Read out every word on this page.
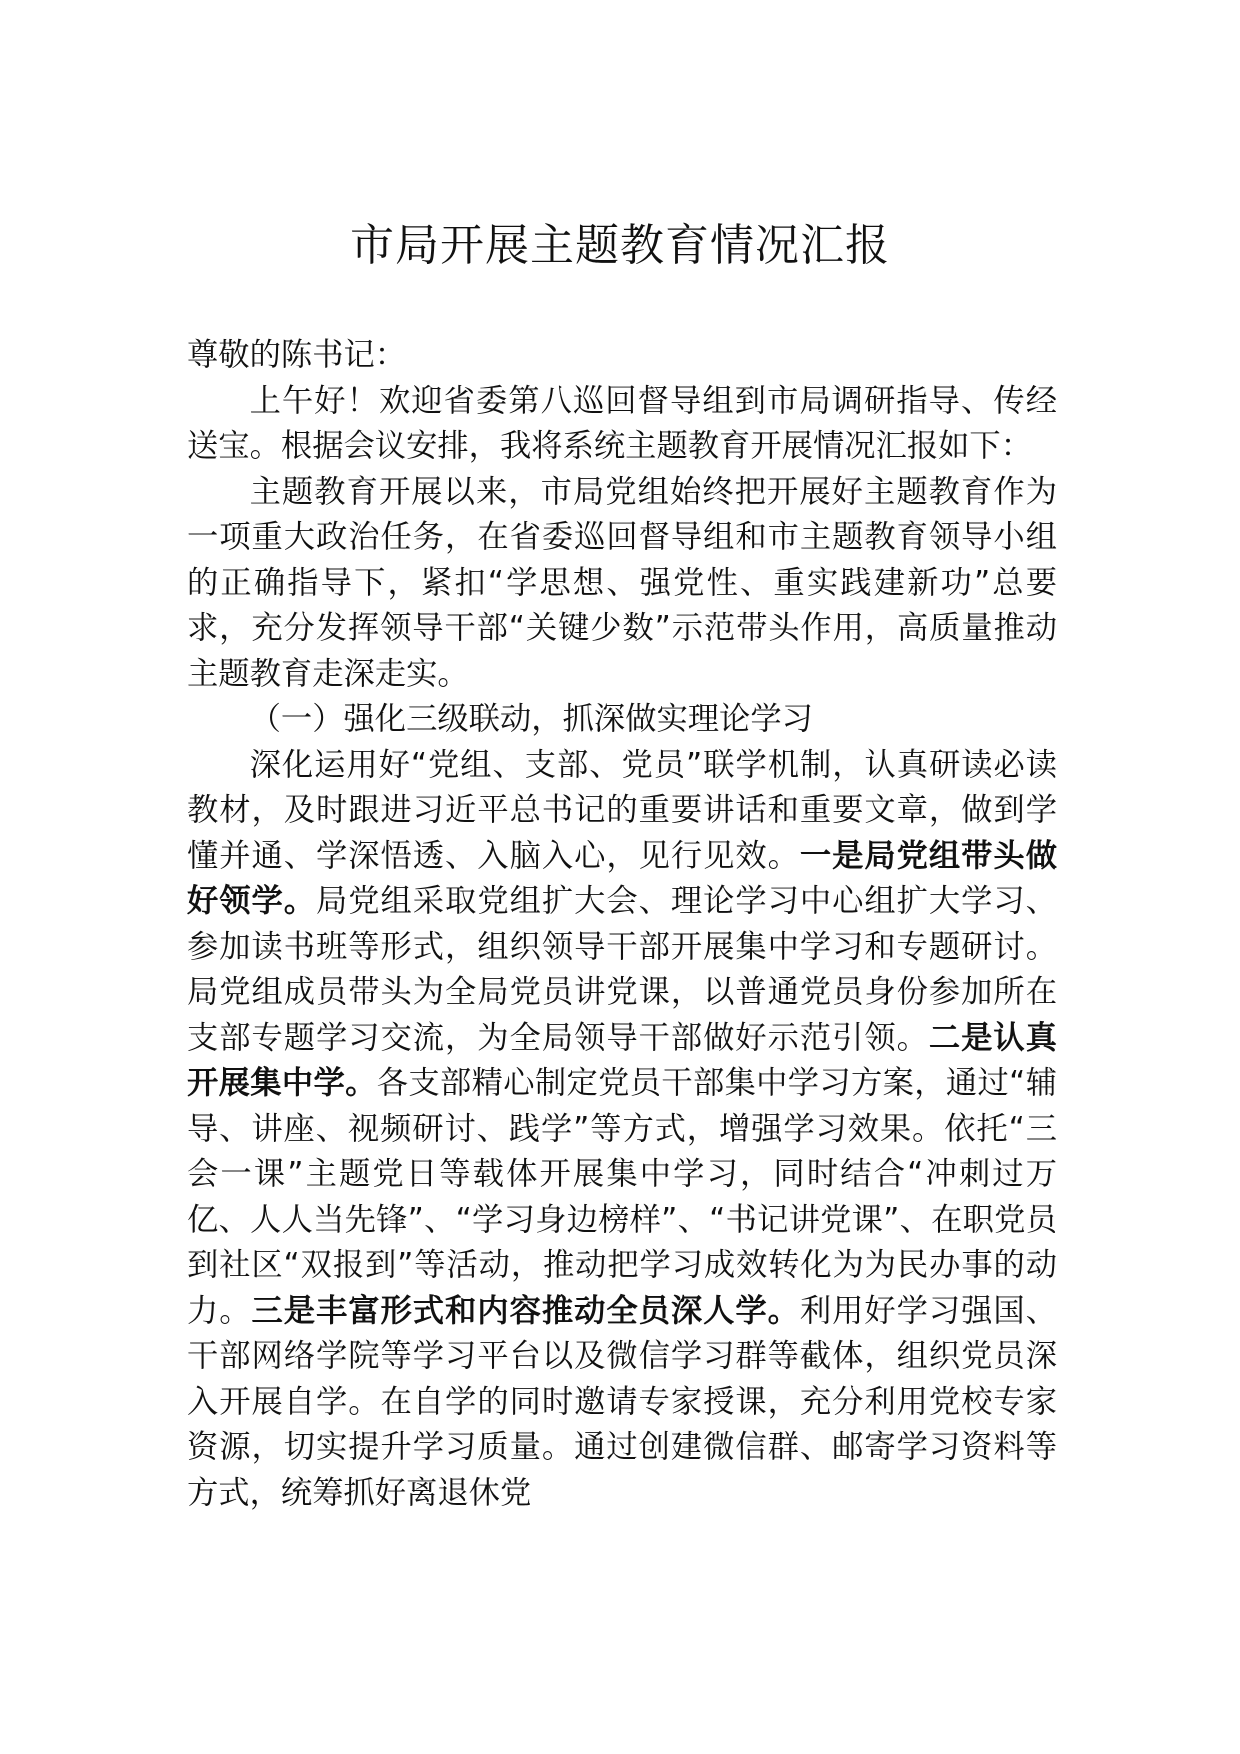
市局开展主题教育情况汇报

尊敬的陈书记：

上午好！欢迎省委第八巡回督导组到市局调研指导、传经送宝。根据会议安排，我将系统主题教育开展情况汇报如下：

主题教育开展以来，市局党组始终把开展好主题教育作为一项重大政治任务，在省委巡回督导组和市主题教育领导小组的正确指导下，紧扣“学思想、强党性、重实践建新功”总要求，充分发挥领导干部“关键少数”示范带头作用，高质量推动主题教育走深走实。

（一）强化三级联动，抓深做实理论学习

深化运用好“党组、支部、党员”联学机制，认真研读必读教材，及时跟进习近平总书记的重要讲话和重要文章，做到学懂并通、学深悟透、入脑入心，见行见效。一是局党组带头做好领学。局党组采取党组扩大会、理论学习中心组扩大学习、参加读书班等形式，组织领导干部开展集中学习和专题研讨。局党组成员带头为全局党员讲党课，以普通党员身份参加所在支部专题学习交流，为全局领导干部做好示范引领。二是认真开展集中学。各支部精心制定党员干部集中学习方案，通过“辅导、讲座、视频研讨、践学”等方式，增强学习效果。依托“三会一课”主题党日等载体开展集中学习，同时结合“冲刺过万亿、人人当先锋”、“学习身边榜样”、“书记讲党课”、在职党员到社区“双报到”等活动，推动把学习成效转化为为民办事的动力。三是丰富形式和内容推动全员深人学。利用好学习强国、干部网络学院等学习平台以及微信学习群等截体，组织党员深入开展自学。在自学的同时邀请专家授课，充分利用党校专家资源，切实提升学习质量。通过创建微信群、邮寄学习资料等方式，统筹抓好离退休党
